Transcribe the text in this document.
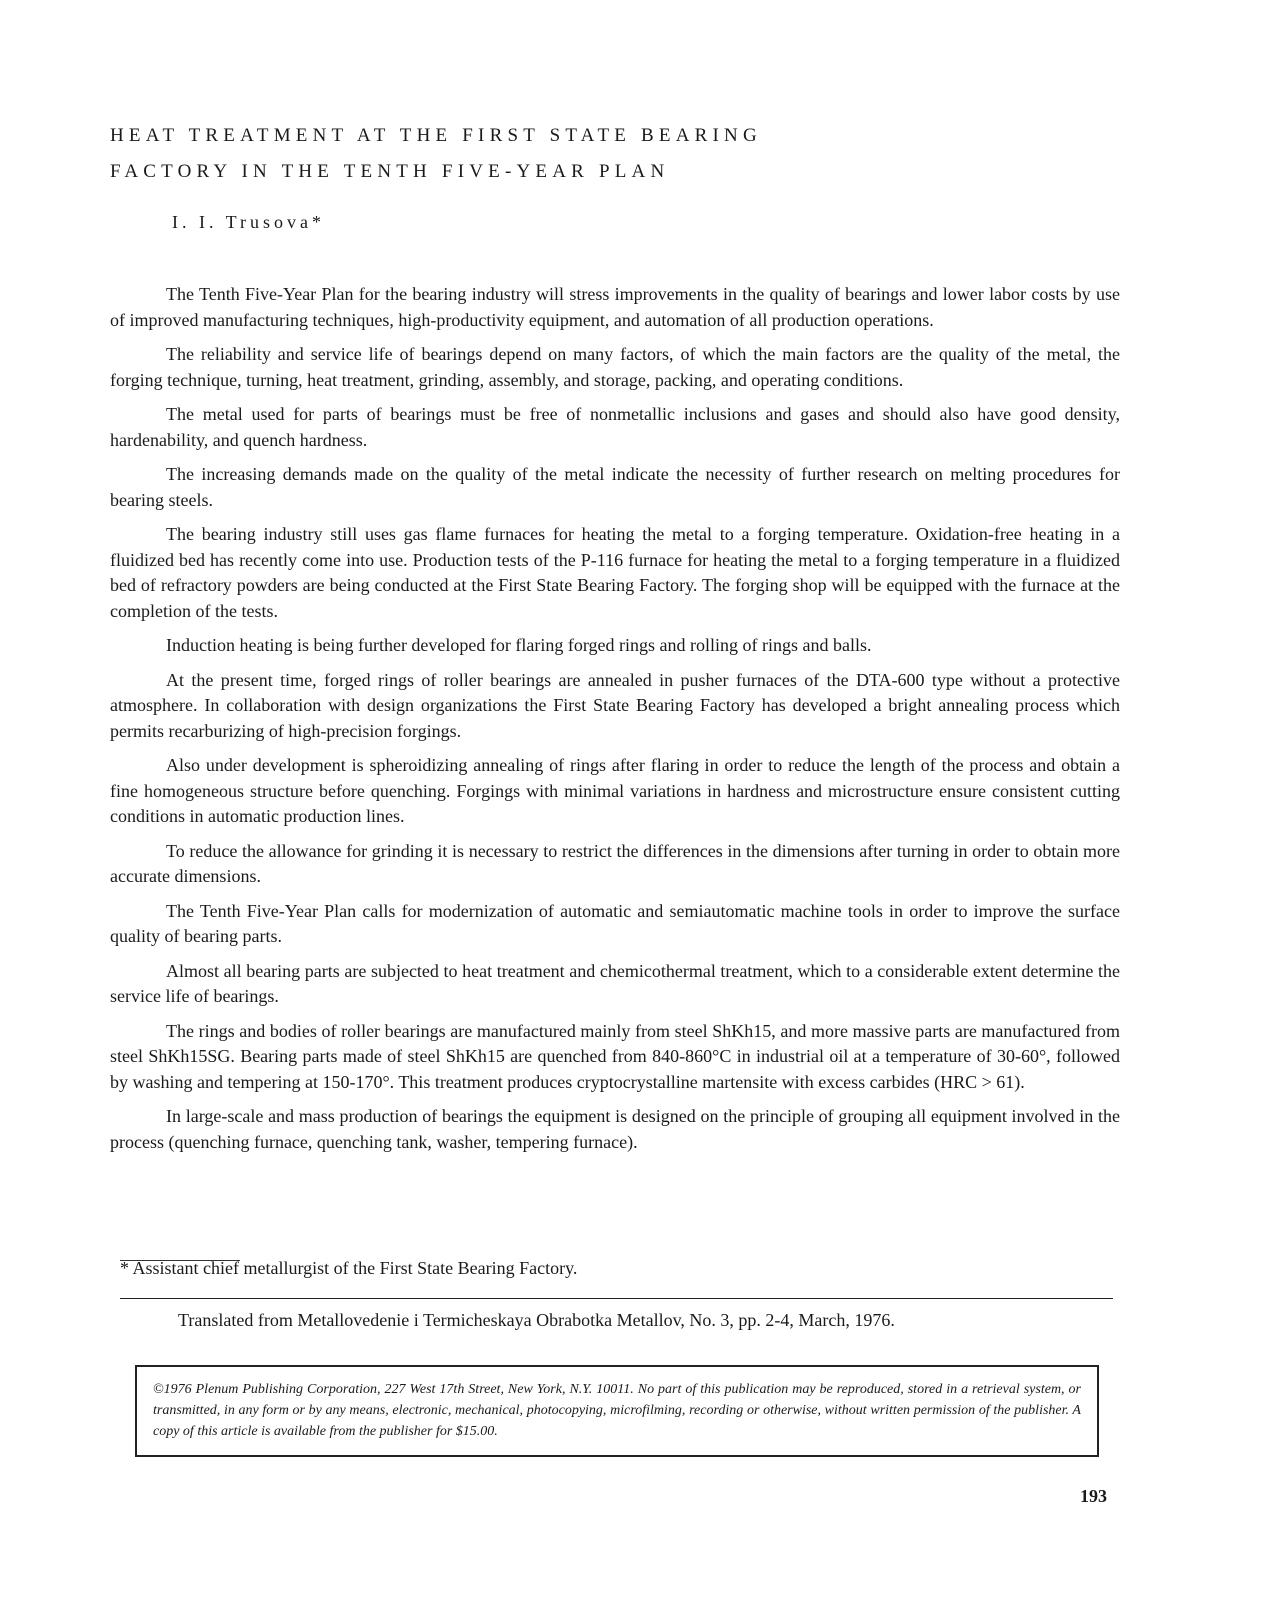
HEAT TREATMENT AT THE FIRST STATE BEARING
FACTORY IN THE TENTH FIVE-YEAR PLAN
I. I. Trusova*

The Tenth Five-Year Plan for the bearing industry will stress improvements in the quality of bearings and lower labor costs by use of improved manufacturing techniques, high-productivity equipment, and automation of all production operations.

The reliability and service life of bearings depend on many factors, of which the main factors are the quality of the metal, the forging technique, turning, heat treatment, grinding, assembly, and storage, packing, and operating conditions.

The metal used for parts of bearings must be free of nonmetallic inclusions and gases and should also have good density, hardenability, and quench hardness.

The increasing demands made on the quality of the metal indicate the necessity of further research on melting procedures for bearing steels.

The bearing industry still uses gas flame furnaces for heating the metal to a forging temperature. Oxidation-free heating in a fluidized bed has recently come into use. Production tests of the P-116 furnace for heating the metal to a forging temperature in a fluidized bed of refractory powders are being conducted at the First State Bearing Factory. The forging shop will be equipped with the furnace at the completion of the tests.

Induction heating is being further developed for flaring forged rings and rolling of rings and balls.

At the present time, forged rings of roller bearings are annealed in pusher furnaces of the DTA-600 type without a protective atmosphere. In collaboration with design organizations the First State Bearing Factory has developed a bright annealing process which permits recarburizing of high-precision forgings.

Also under development is spheroidizing annealing of rings after flaring in order to reduce the length of the process and obtain a fine homogeneous structure before quenching. Forgings with minimal variations in hardness and microstructure ensure consistent cutting conditions in automatic production lines.

To reduce the allowance for grinding it is necessary to restrict the differences in the dimensions after turning in order to obtain more accurate dimensions.

The Tenth Five-Year Plan calls for modernization of automatic and semiautomatic machine tools in order to improve the surface quality of bearing parts.

Almost all bearing parts are subjected to heat treatment and chemicothermal treatment, which to a considerable extent determine the service life of bearings.

The rings and bodies of roller bearings are manufactured mainly from steel ShKh15, and more massive parts are manufactured from steel ShKh15SG. Bearing parts made of steel ShKh15 are quenched from 840-860°C in industrial oil at a temperature of 30-60°, followed by washing and tempering at 150-170°. This treatment produces cryptocrystalline martensite with excess carbides (HRC > 61).

In large-scale and mass production of bearings the equipment is designed on the principle of grouping all equipment involved in the process (quenching furnace, quenching tank, washer, tempering furnace).

* Assistant chief metallurgist of the First State Bearing Factory.
Translated from Metallovedenie i Termicheskaya Obrabotka Metallov, No. 3, pp. 2-4, March, 1976.
©1976 Plenum Publishing Corporation, 227 West 17th Street, New York, N.Y. 10011. No part of this publication may be reproduced, stored in a retrieval system, or transmitted, in any form or by any means, electronic, mechanical, photocopying, microfilming, recording or otherwise, without written permission of the publisher. A copy of this article is available from the publisher for $15.00.
193
